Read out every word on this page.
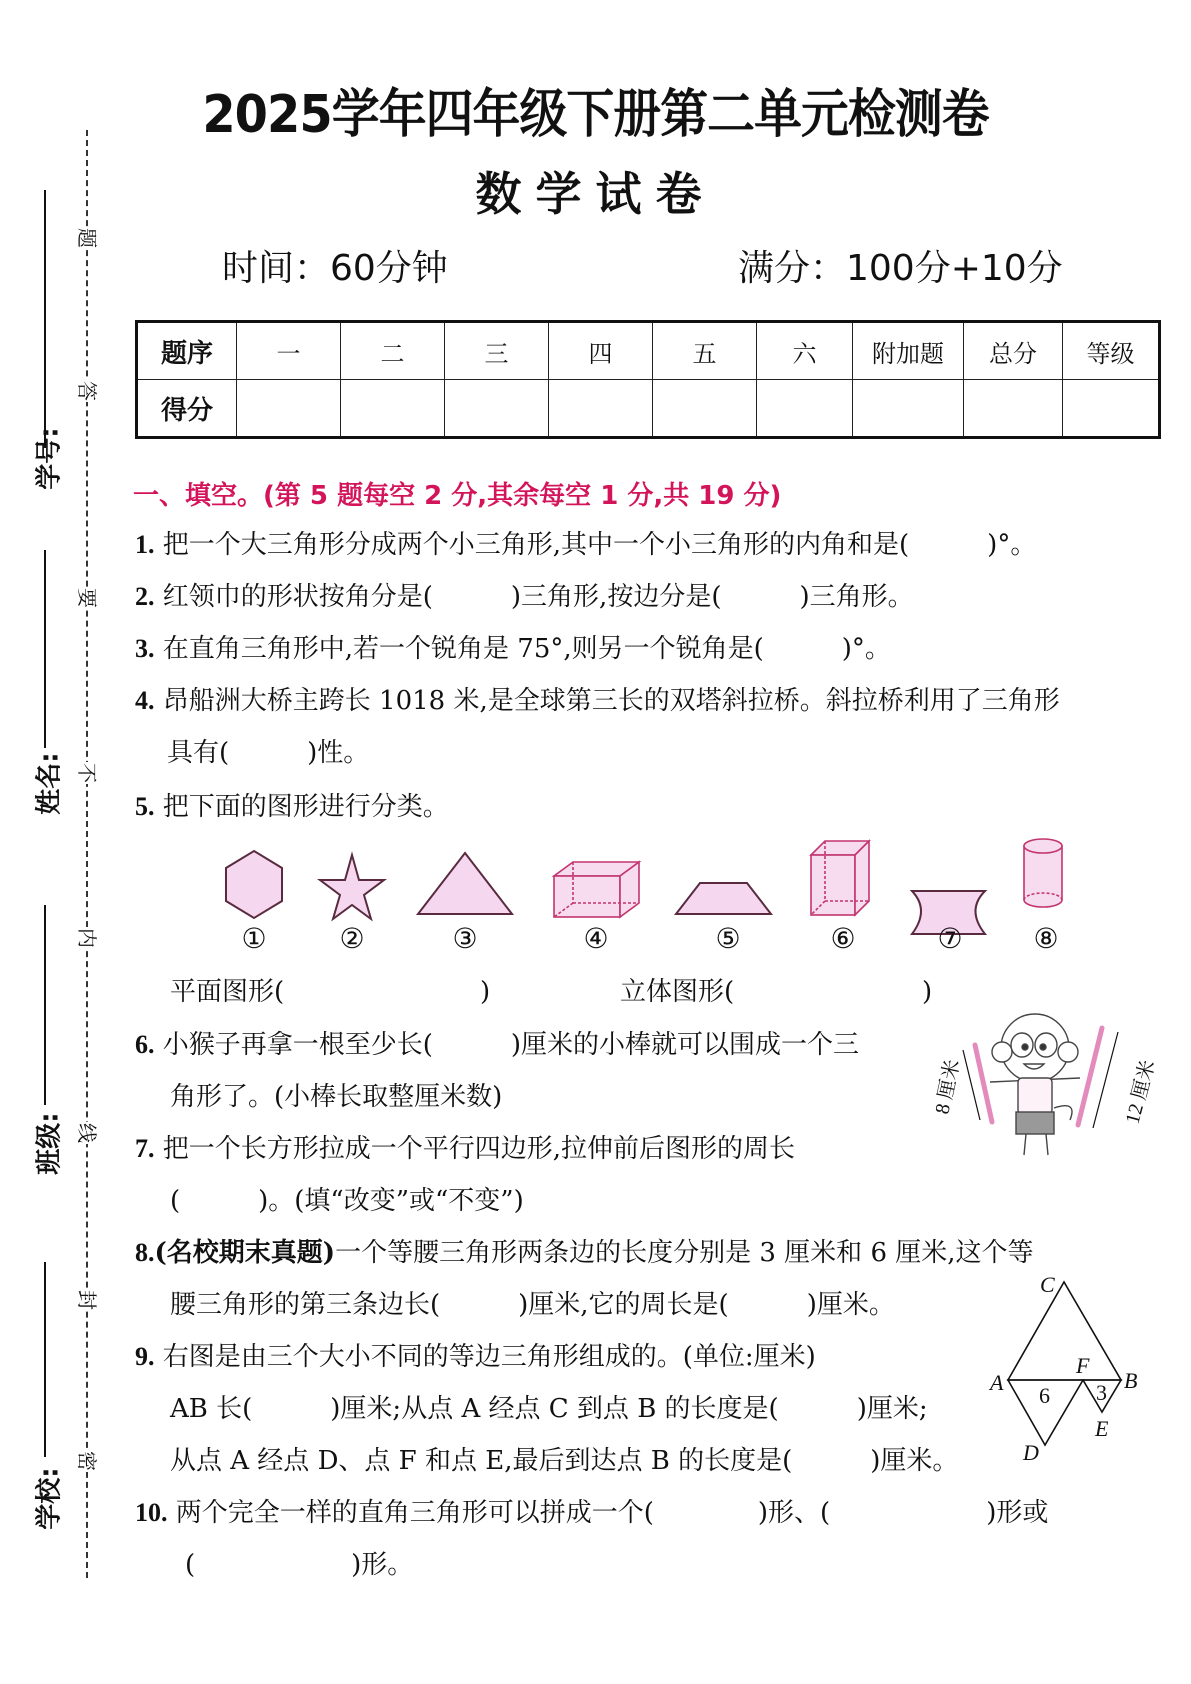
题
答
要
不
内
线
封
密
学号:
姓名:
班级:
学校:
2025学年四年级下册第二单元检测卷
数学试卷
时间：60分钟	满分：100分+10分
题序	一	二	三	四	五	六	附加题	总分	等级
得分									
一、填空。(第 5 题每空 2 分,其余每空 1 分,共 19 分)
1. 把一个大三角形分成两个小三角形,其中一个小三角形的内角和是(　　　)°。
2. 红领巾的形状按角分是(　　　)三角形,按边分是(　　　)三角形。
3. 在直角三角形中,若一个锐角是 75°,则另一个锐角是(　　　)°。
4. 昂船洲大桥主跨长 1018 米,是全球第三长的双塔斜拉桥。斜拉桥利用了三角形
具有(　　　)性。
5. 把下面的图形进行分类。
①	②	③	④	⑤	⑥	⑦	⑧
平面图形(	)	立体图形(	)
6. 小猴子再拿一根至少长(　　　)厘米的小棒就可以围成一个三
角形了。(小棒长取整厘米数)	8 厘米	12 厘米
7. 把一个长方形拉成一个平行四边形,拉伸前后图形的周长
(　　　)。(填“改变”或“不变”)
8.(名校期末真题)一个等腰三角形两条边的长度分别是 3 厘米和 6 厘米,这个等
腰三角形的第三条边长(　　　)厘米,它的周长是(　　　)厘米。
9. 右图是由三个大小不同的等边三角形组成的。(单位:厘米)
AB 长(　　　)厘米;从点 A 经点 C 到点 B 的长度是(　　　)厘米;
从点 A 经点 D、点 F 和点 E,最后到达点 B 的长度是(　　　)厘米。
C
A	B
F
E
D
6 3
10. 两个完全一样的直角三角形可以拼成一个(　　　　)形、(　　　　　　)形或
(　　　　　　)形。
